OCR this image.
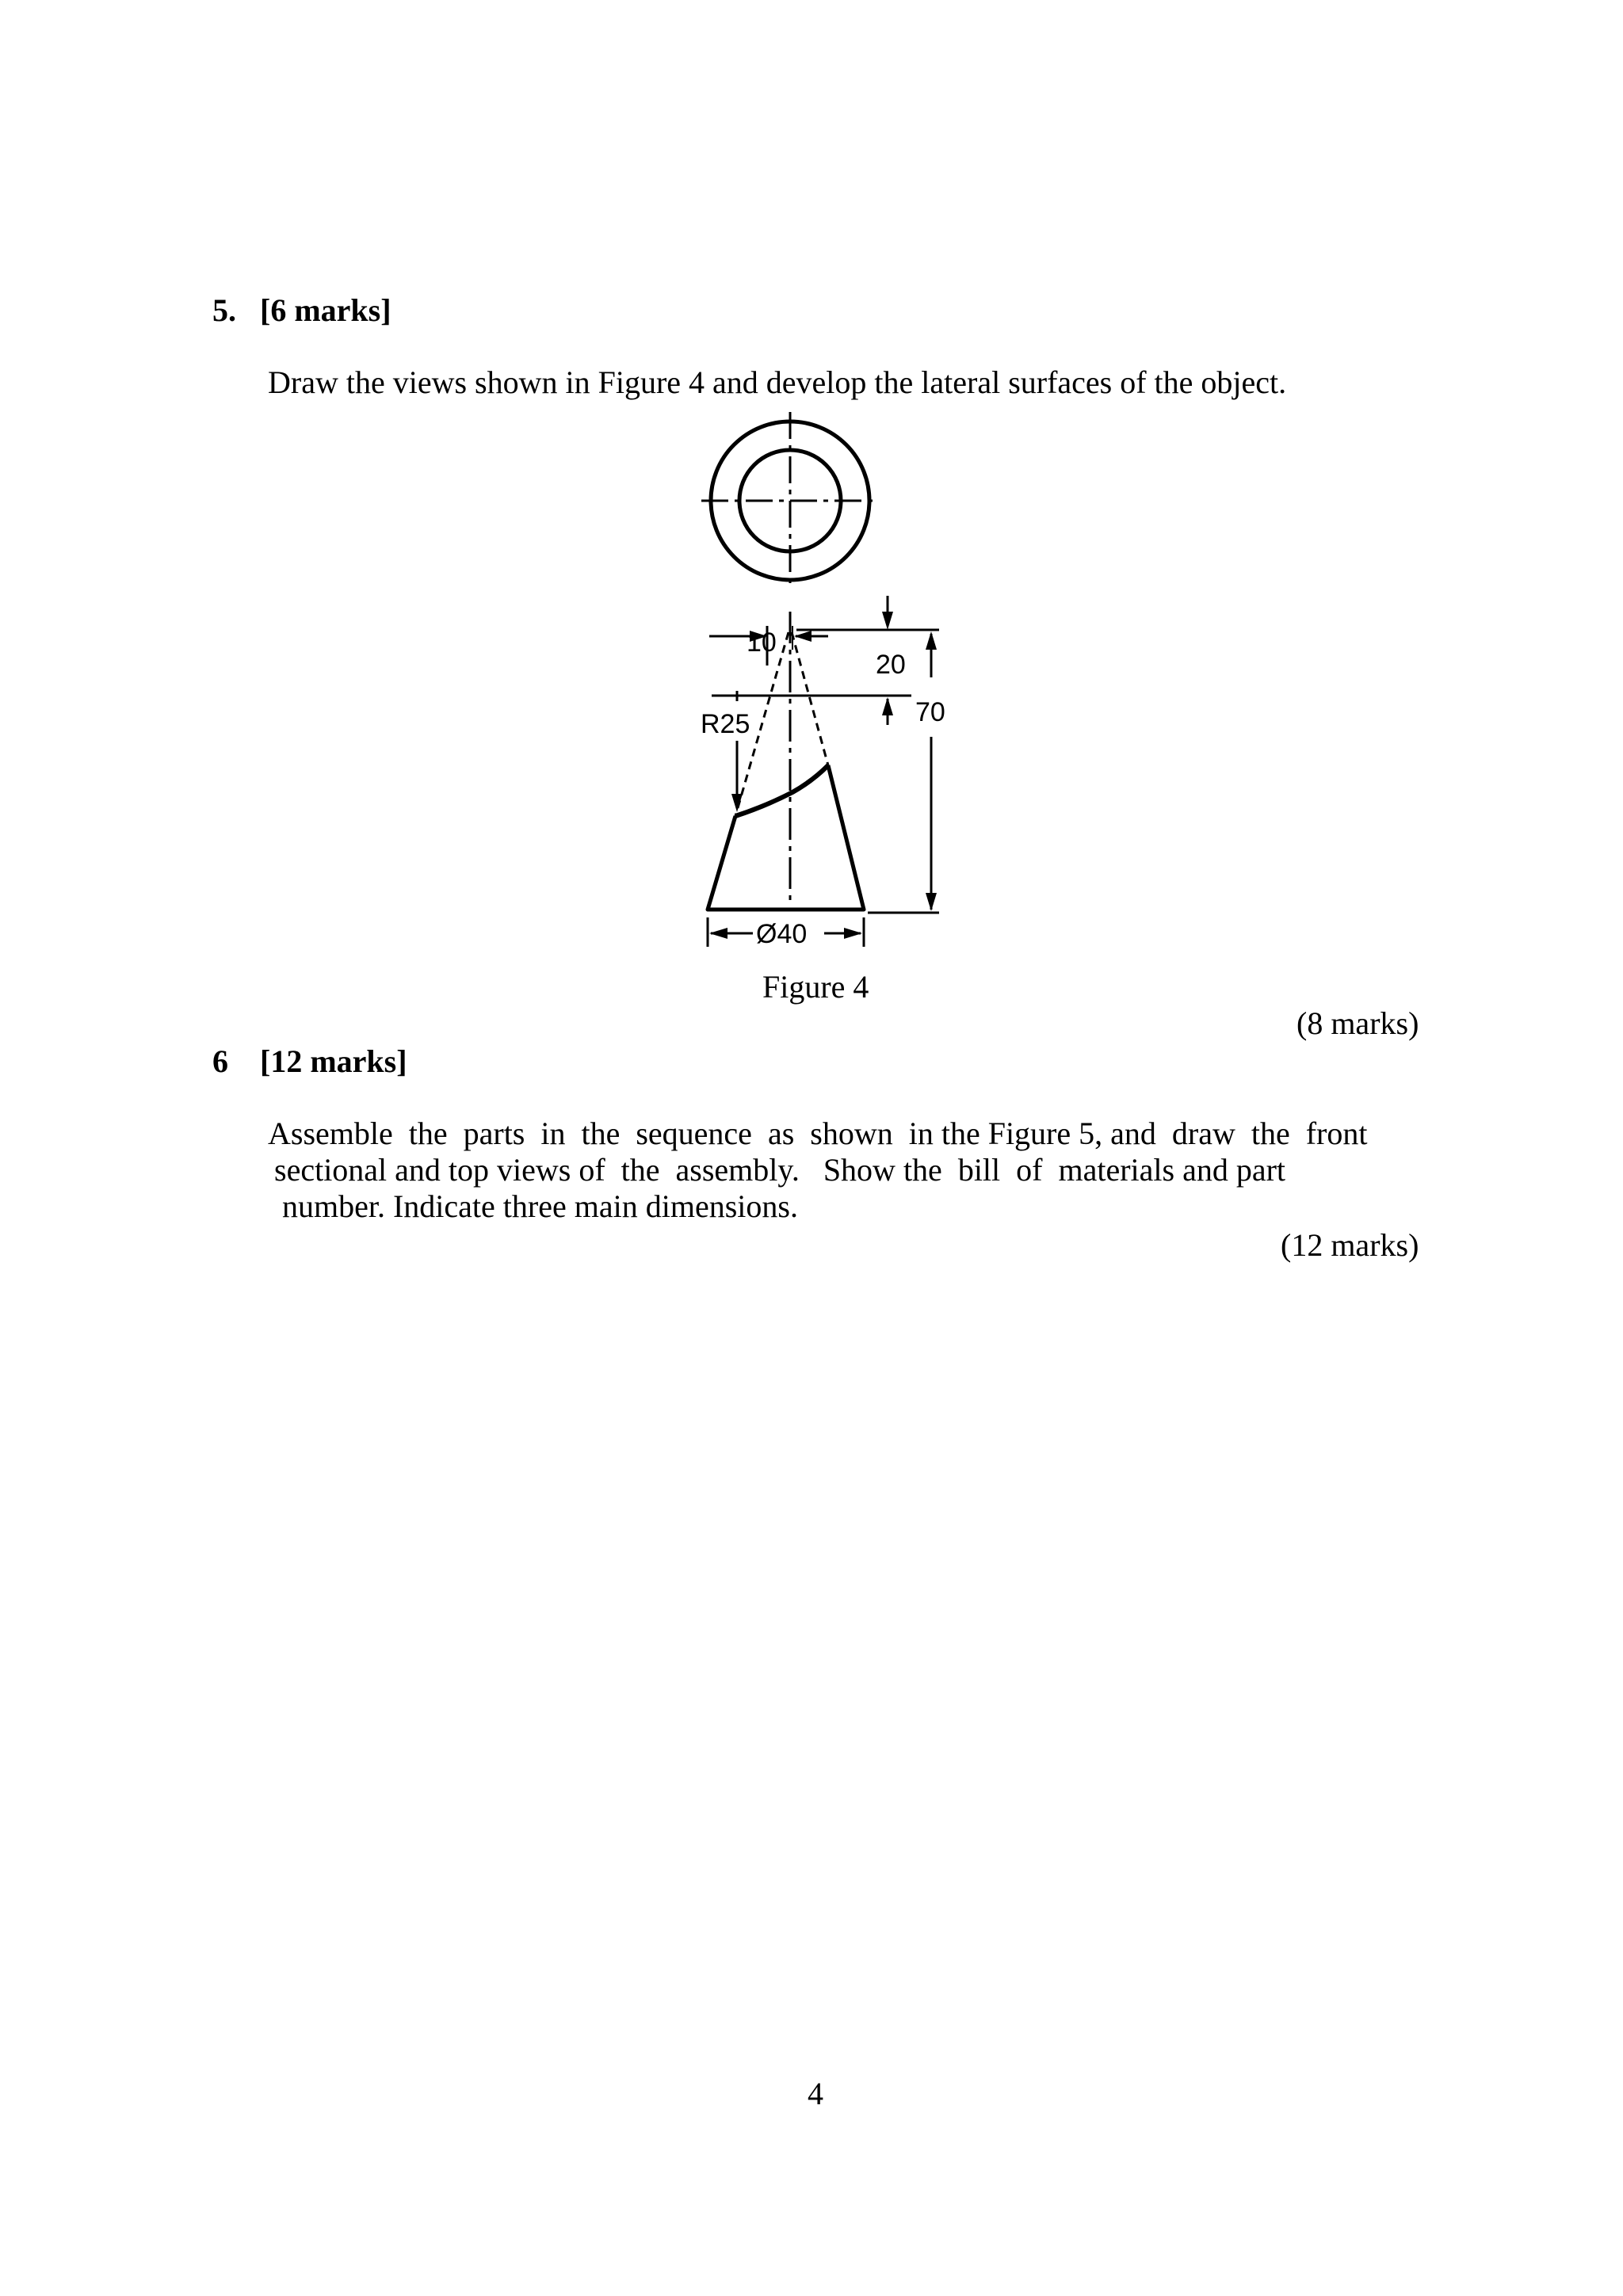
5. [6 marks]
Draw the views shown in Figure 4 and develop the lateral surfaces of the object.
10
20
70
R25
Ø40
Figure 4
(8 marks)
6 [12 marks]
Assemble  the  parts  in  the  sequence  as  shown  in the Figure 5, and  draw  the  front
sectional and top views of  the  assembly.   Show the  bill  of  materials and part
number. Indicate three main dimensions.
(12 marks)
4
